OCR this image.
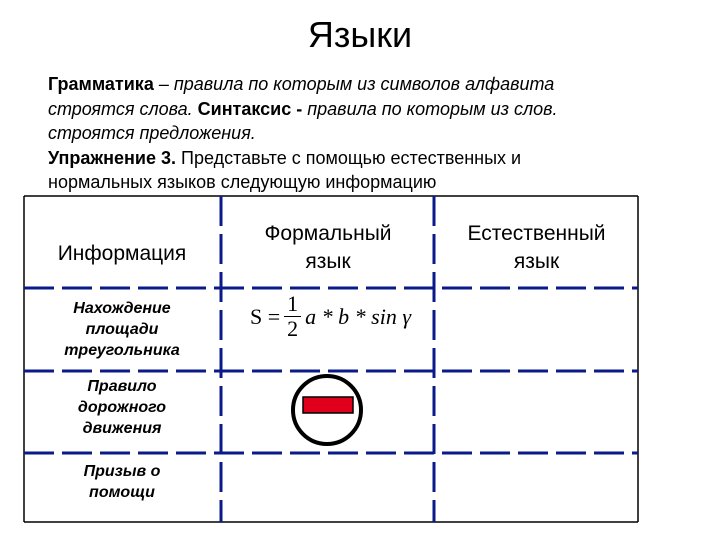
Языки
Грамматика – правила по которым из символов алфавита
строятся слова. Синтаксис - правила по которым из слов.
строятся предложения.
Упражнение 3. Представьте с помощью естественных и
нормальных языков следующую информацию
Информация
Формальный
язык
Естественный
язык
Нахождение
площади
треугольника
Правило
дорожного
движения
Призыв о
помощи
$S = \frac{1}{2}$ a * b * sin γ
